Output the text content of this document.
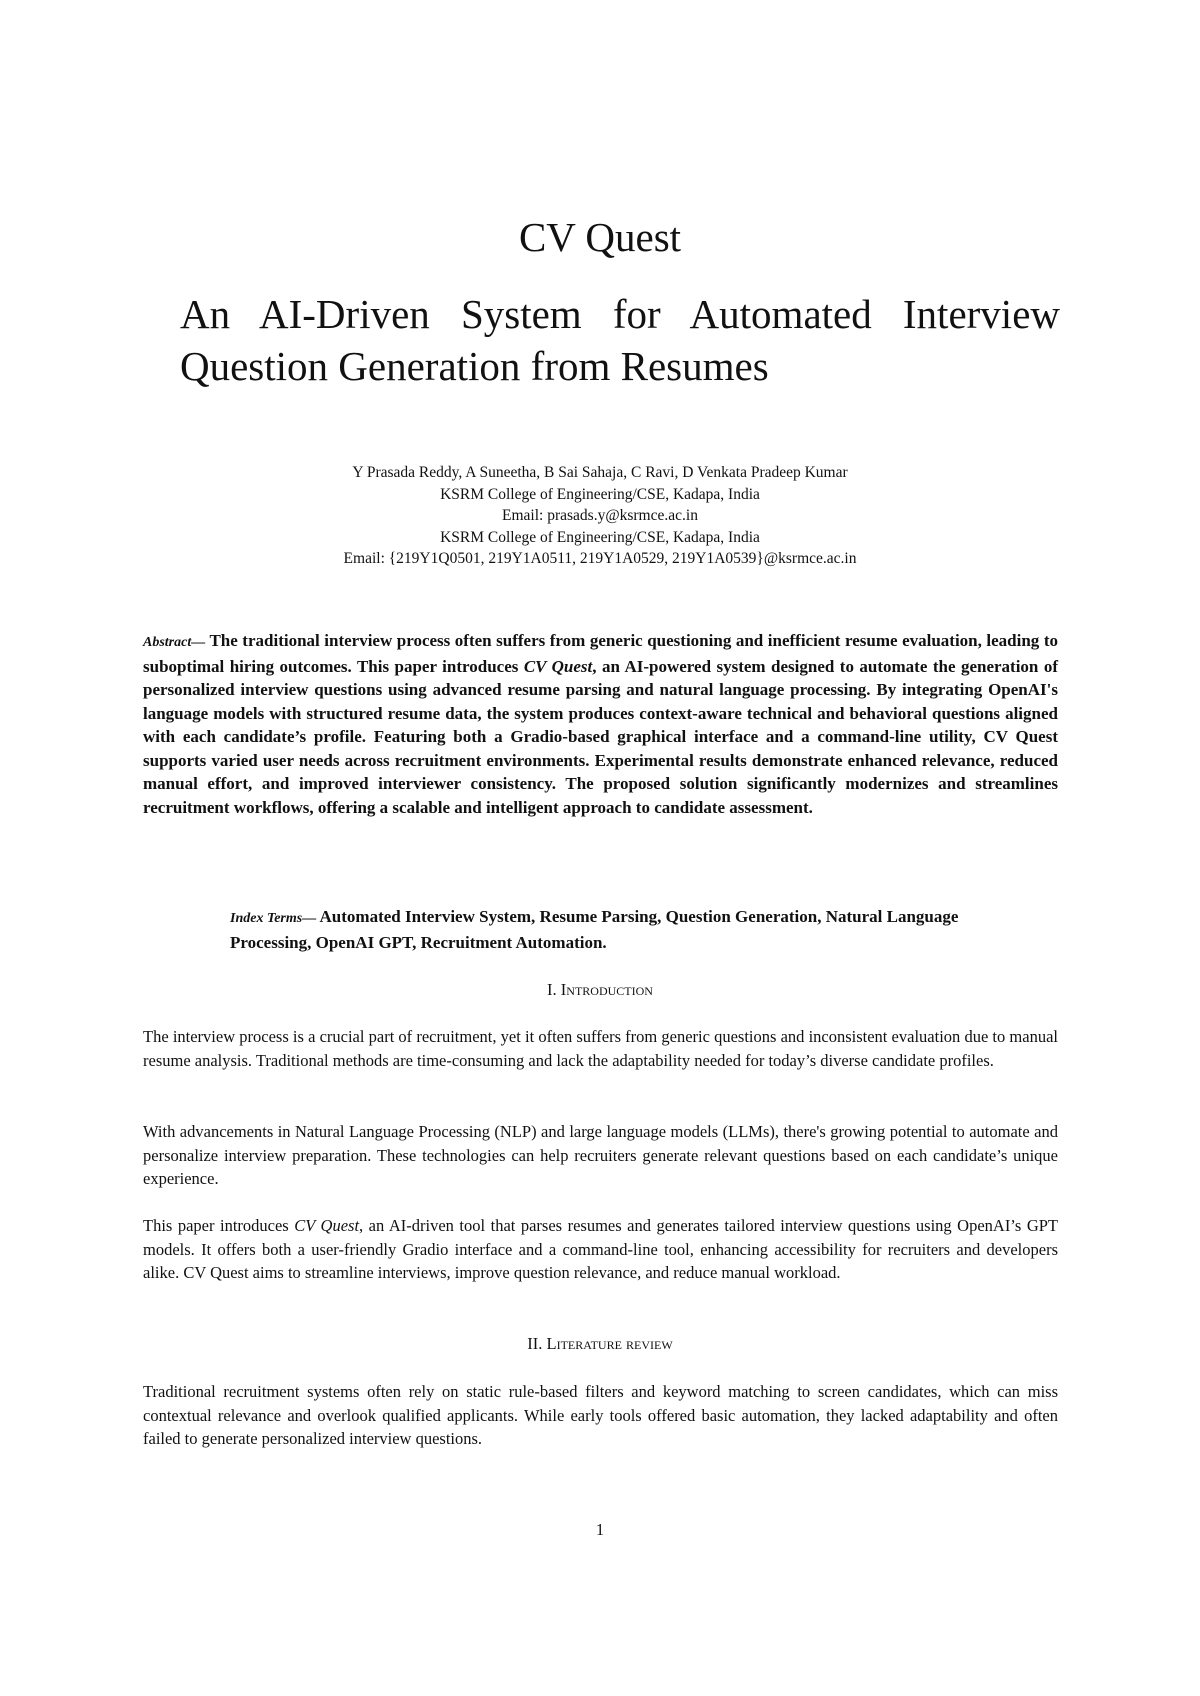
CV Quest
An AI-Driven System for Automated Interview
Question Generation from Resumes
Y Prasada Reddy, A Suneetha, B Sai Sahaja, C Ravi, D Venkata Pradeep Kumar
KSRM College of Engineering/CSE, Kadapa, India
Email: prasads.y@ksrmce.ac.in
KSRM College of Engineering/CSE, Kadapa, India
Email: {219Y1Q0501, 219Y1A0511, 219Y1A0529, 219Y1A0539}@ksrmce.ac.in

Abstract— The traditional interview process often suffers from generic questioning and inefficient resume evaluation, leading to suboptimal hiring outcomes. This paper introduces CV Quest, an AI-powered system designed to automate the generation of personalized interview questions using advanced resume parsing and natural language processing. By integrating OpenAI's language models with structured resume data, the system produces context-aware technical and behavioral questions aligned with each candidate’s profile. Featuring both a Gradio-based graphical interface and a command-line utility, CV Quest supports varied user needs across recruitment environments. Experimental results demonstrate enhanced relevance, reduced manual effort, and improved interviewer consistency. The proposed solution significantly modernizes and streamlines recruitment workflows, offering a scalable and intelligent approach to candidate assessment.

Index Terms— Automated Interview System, Resume Parsing, Question Generation, Natural Language Processing, OpenAI GPT, Recruitment Automation.

I. Introduction

The interview process is a crucial part of recruitment, yet it often suffers from generic questions and inconsistent evaluation due to manual resume analysis. Traditional methods are time-consuming and lack the adaptability needed for today’s diverse candidate profiles.

With advancements in Natural Language Processing (NLP) and large language models (LLMs), there's growing potential to automate and personalize interview preparation. These technologies can help recruiters generate relevant questions based on each candidate’s unique experience.

This paper introduces CV Quest, an AI-driven tool that parses resumes and generates tailored interview questions using OpenAI’s GPT models. It offers both a user-friendly Gradio interface and a command-line tool, enhancing accessibility for recruiters and developers alike. CV Quest aims to streamline interviews, improve question relevance, and reduce manual workload.

II. Literature review

Traditional recruitment systems often rely on static rule-based filters and keyword matching to screen candidates, which can miss contextual relevance and overlook qualified applicants. While early tools offered basic automation, they lacked adaptability and often failed to generate personalized interview questions.

1
